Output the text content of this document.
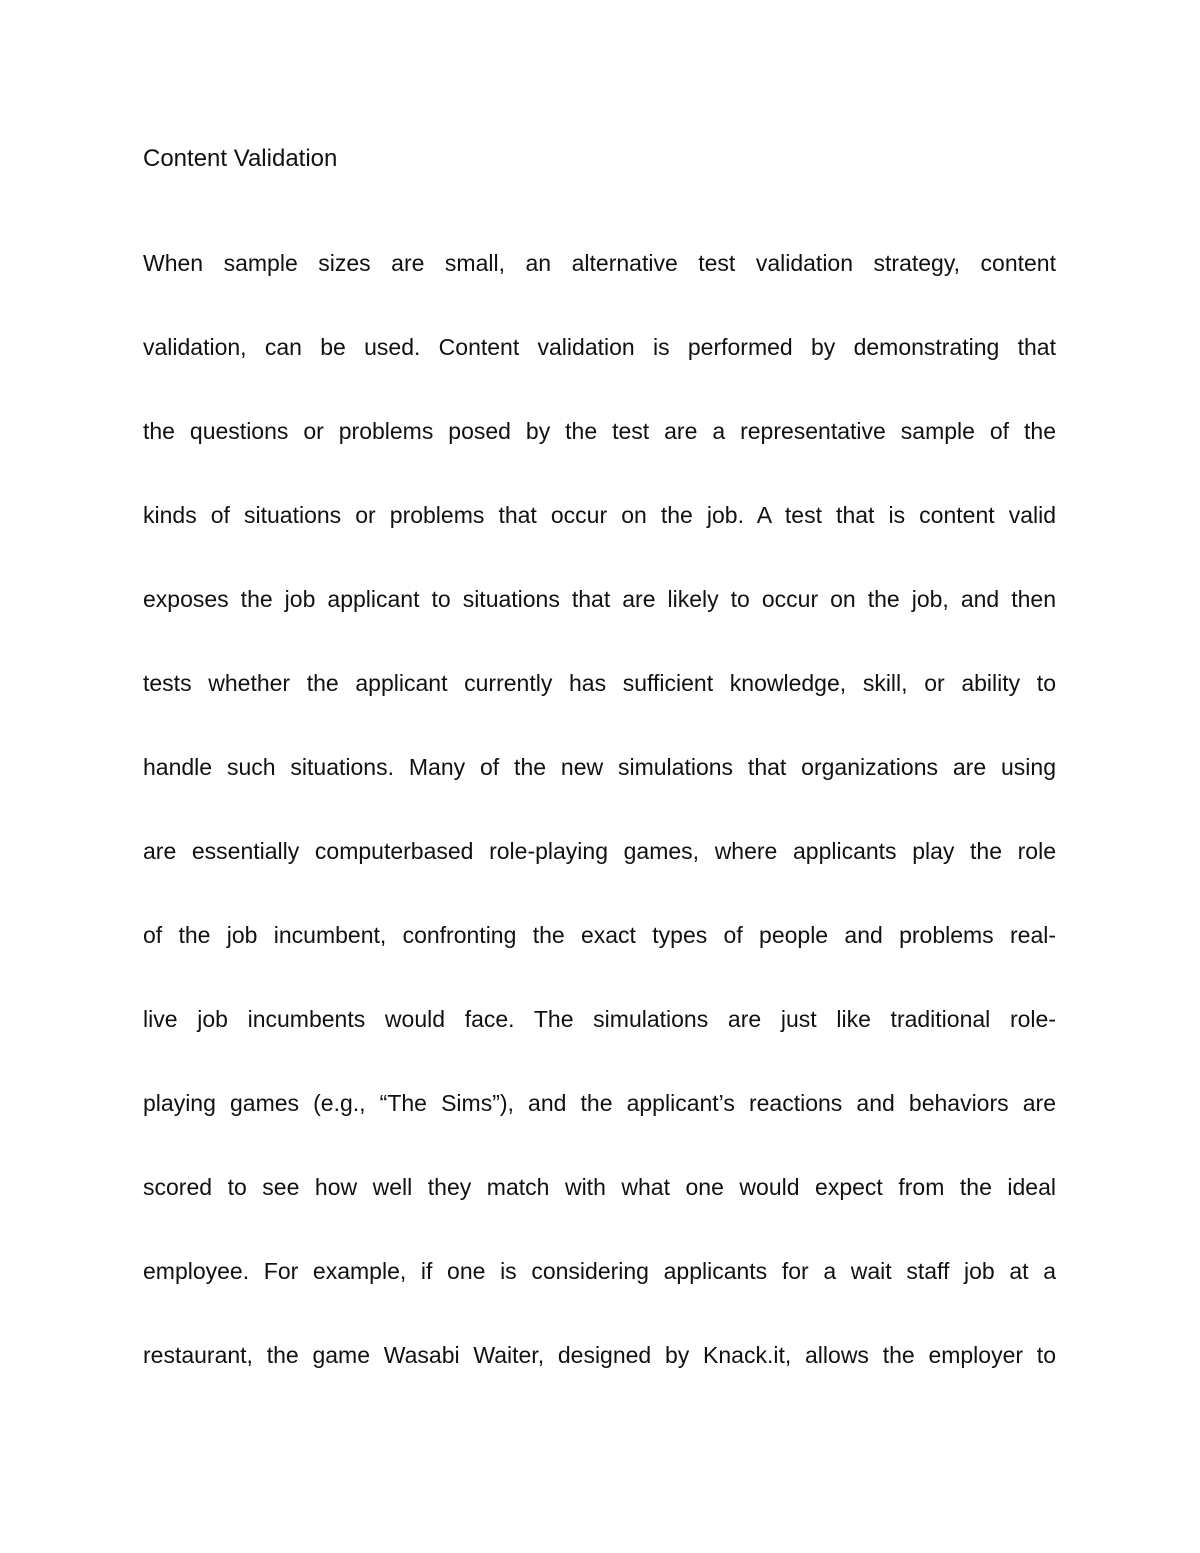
Content Validation
When sample sizes are small, an alternative test validation strategy, content
validation, can be used. Content validation is performed by demonstrating that
the questions or problems posed by the test are a representative sample of the
kinds of situations or problems that occur on the job. A test that is content valid
exposes the job applicant to situations that are likely to occur on the job, and then
tests whether the applicant currently has sufficient knowledge, skill, or ability to
handle such situations. Many of the new simulations that organizations are using
are essentially computerbased role-playing games, where applicants play the role
of the job incumbent, confronting the exact types of people and problems real-
live job incumbents would face. The simulations are just like traditional role-
playing games (e.g., “The Sims”), and the applicant’s reactions and behaviors are
scored to see how well they match with what one would expect from the ideal
employee. For example, if one is considering applicants for a wait staff job at a
restaurant, the game Wasabi Waiter, designed by Knack.it, allows the employer to
